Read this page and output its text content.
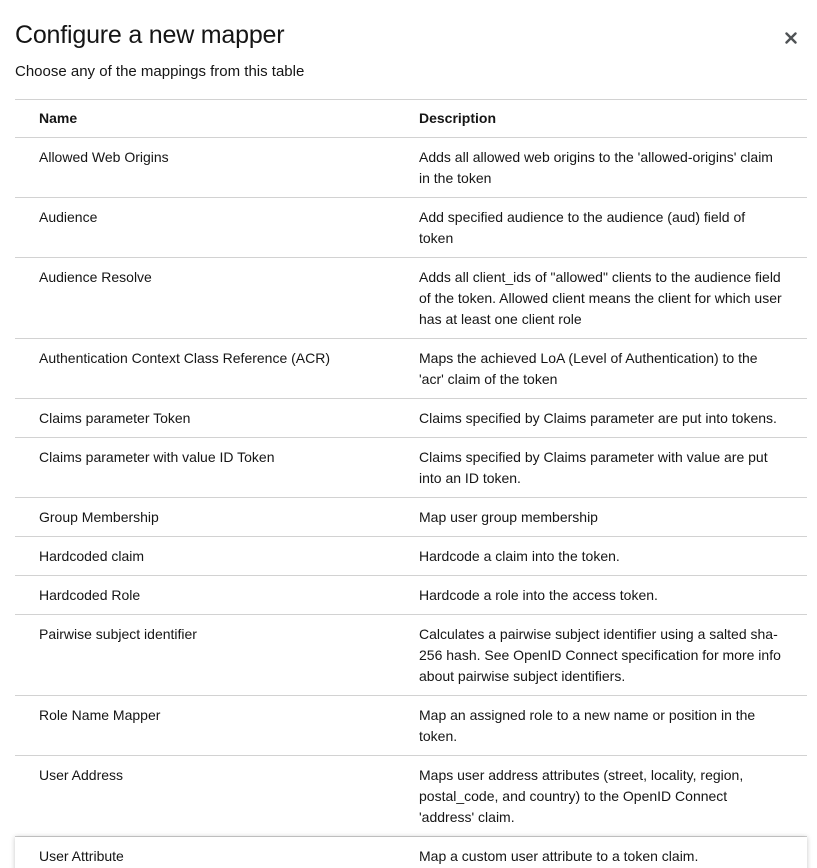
Configure a new mapper

Choose any of the mappings from this table

Name	Description
Allowed Web Origins	Adds all allowed web origins to the 'allowed-origins' claim in the token
Audience	Add specified audience to the audience (aud) field of token
Audience Resolve	Adds all client_ids of "allowed" clients to the audience field of the token. Allowed client means the client for which user has at least one client role
Authentication Context Class Reference (ACR)	Maps the achieved LoA (Level of Authentication) to the 'acr' claim of the token
Claims parameter Token	Claims specified by Claims parameter are put into tokens.
Claims parameter with value ID Token	Claims specified by Claims parameter with value are put into an ID token.
Group Membership	Map user group membership
Hardcoded claim	Hardcode a claim into the token.
Hardcoded Role	Hardcode a role into the access token.
Pairwise subject identifier	Calculates a pairwise subject identifier using a salted sha-256 hash. See OpenID Connect specification for more info about pairwise subject identifiers.
Role Name Mapper	Map an assigned role to a new name or position in the token.
User Address	Maps user address attributes (street, locality, region, postal_code, and country) to the OpenID Connect 'address' claim.
User Attribute	Map a custom user attribute to a token claim.
